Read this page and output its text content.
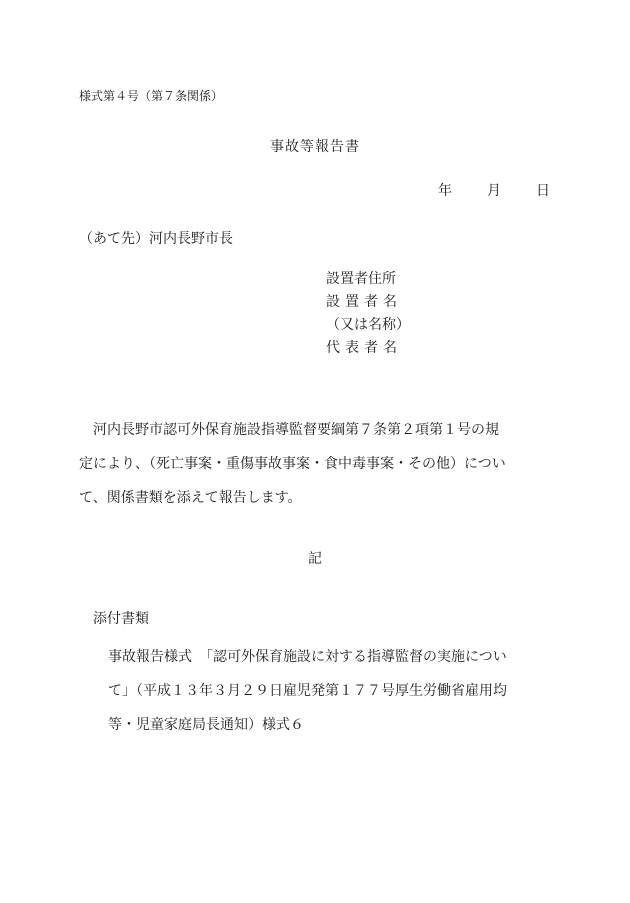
様式第４号（第７条関係）
事故等報告書
年	月	日
（あて先）河内長野市長
設置者住所
設置者名
（又は名称）
代表者名
　河内長野市認可外保育施設指導監督要綱第７条第２項第１号の規
定により、（死亡事案・重傷事故事案・食中毒事案・その他）につい
て、関係書類を添えて報告します。
記
添付書類
事故報告様式　「認可外保育施設に対する指導監督の実施につい
て」（平成１３年３月２９日雇児発第１７７号厚生労働省雇用均
等・児童家庭局長通知）様式６
